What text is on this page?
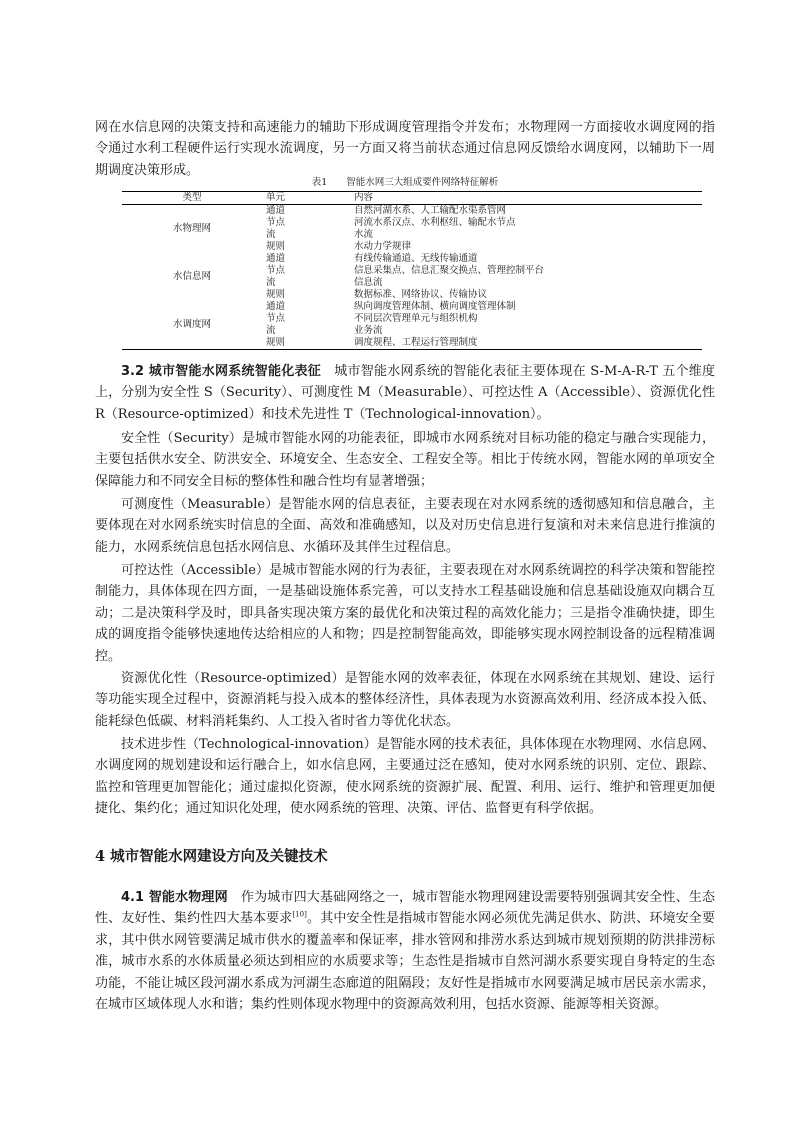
网在水信息网的决策支持和高速能力的辅助下形成调度管理指令并发布；水物理网一方面接收水调度网的指令通过水利工程硬件运行实现水流调度，另一方面又将当前状态通过信息网反馈给水调度网，以辅助下一周期调度决策形成。

表1　　智能水网三大组成要件网络特征解析
类型	单元	内容
水物理网	通道	自然河湖水系、人工输配水渠系管网
	节点	河流水系汉点、水利枢纽、输配水节点
	流	水流
	规则	水动力学规律
水信息网	通道	有线传输通道、无线传输通道
	节点	信息采集点、信息汇聚交换点、管理控制平台
	流	信息流
	规则	数据标准、网络协议、传输协议
水调度网	通道	纵向调度管理体制、横向调度管理体制
	节点	不同层次管理单元与组织机构
	流	业务流
	规则	调度规程、工程运行管理制度

3.2 城市智能水网系统智能化表征　城市智能水网系统的智能化表征主要体现在 S-M-A-R-T 五个维度上，分别为安全性 S（Security）、可测度性 M（Measurable）、可控达性 A（Accessible）、资源优化性 R（Resource-optimized）和技术先进性 T（Technological-innovation）。

安全性（Security）是城市智能水网的功能表征，即城市水网系统对目标功能的稳定与融合实现能力，主要包括供水安全、防洪安全、环境安全、生态安全、工程安全等。相比于传统水网，智能水网的单项安全保障能力和不同安全目标的整体性和融合性均有显著增强；

可测度性（Measurable）是智能水网的信息表征，主要表现在对水网系统的透彻感知和信息融合，主要体现在对水网系统实时信息的全面、高效和准确感知，以及对历史信息进行复演和对未来信息进行推演的能力，水网系统信息包括水网信息、水循环及其伴生过程信息。

可控达性（Accessible）是城市智能水网的行为表征，主要表现在对水网系统调控的科学决策和智能控制能力，具体体现在四方面，一是基础设施体系完善，可以支持水工程基础设施和信息基础设施双向耦合互动；二是决策科学及时，即具备实现决策方案的最优化和决策过程的高效化能力；三是指令准确快捷，即生成的调度指令能够快速地传达给相应的人和物；四是控制智能高效，即能够实现水网控制设备的远程精准调控。

资源优化性（Resource-optimized）是智能水网的效率表征，体现在水网系统在其规划、建设、运行等功能实现全过程中，资源消耗与投入成本的整体经济性，具体表现为水资源高效利用、经济成本投入低、能耗绿色低碳、材料消耗集约、人工投入省时省力等优化状态。

技术进步性（Technological-innovation）是智能水网的技术表征，具体体现在水物理网、水信息网、水调度网的规划建设和运行融合上，如水信息网，主要通过泛在感知，使对水网系统的识别、定位、跟踪、监控和管理更加智能化；通过虚拟化资源，使水网系统的资源扩展、配置、利用、运行、维护和管理更加便捷化、集约化；通过知识化处理，使水网系统的管理、决策、评估、监督更有科学依据。

4 城市智能水网建设方向及关键技术

4.1 智能水物理网　作为城市四大基础网络之一，城市智能水物理网建设需要特别强调其安全性、生态性、友好性、集约性四大基本要求[10]。其中安全性是指城市智能水网必须优先满足供水、防洪、环境安全要求，其中供水网管要满足城市供水的覆盖率和保证率，排水管网和排涝水系达到城市规划预期的防洪排涝标准，城市水系的水体质量必须达到相应的水质要求等；生态性是指城市自然河湖水系要实现自身特定的生态功能，不能让城区段河湖水系成为河湖生态廊道的阻隔段；友好性是指城市水网要满足城市居民亲水需求，在城市区域体现人水和谐；集约性则体现水物理中的资源高效利用，包括水资源、能源等相关资源。
